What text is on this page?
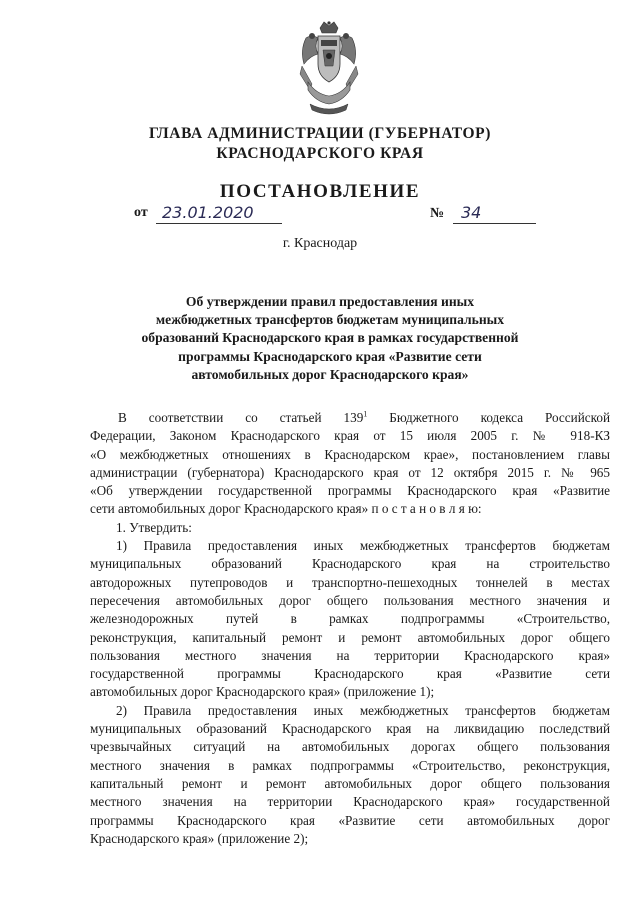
ГЛАВА АДМИНИСТРАЦИИ (ГУБЕРНАТОР)
КРАСНОДАРСКОГО КРАЯ
ПОСТАНОВЛЕНИЕ
от 23.01.2020	№	34
г. Краснодар
Об утверждении правил предоставления иных
межбюджетных трансфертов бюджетам муниципальных
образований Краснодарского края в рамках государственной
программы Краснодарского края «Развитие сети
автомобильных дорог Краснодарского края»
В соответствии со статьей $139^1$ Бюджетного кодекса Российской
Федерации, Законом Краснодарского края от 15 июля 2005 г. № 918-КЗ
«О межбюджетных отношениях в Краснодарском крае», постановлением главы
администрации (губернатора) Краснодарского края от 12 октября 2015 г. № 965
«Об утверждении государственной программы Краснодарского края «Развитие
сети автомобильных дорог Краснодарского края» п о с т а н о в л я ю:
1. Утвердить:
1) Правила предоставления иных межбюджетных трансфертов бюджетам
муниципальных образований Краснодарского края на строительство
автодорожных путепроводов и транспортно-пешеходных тоннелей в местах
пересечения автомобильных дорог общего пользования местного значения и
железнодорожных путей в рамках подпрограммы «Строительство,
реконструкция, капитальный ремонт и ремонт автомобильных дорог общего
пользования местного значения на территории Краснодарского края»
государственной программы Краснодарского края «Развитие сети
автомобильных дорог Краснодарского края» (приложение 1);
2) Правила предоставления иных межбюджетных трансфертов бюджетам
муниципальных образований Краснодарского края на ликвидацию последствий
чрезвычайных ситуаций на автомобильных дорогах общего пользования
местного значения в рамках подпрограммы «Строительство, реконструкция,
капитальный ремонт и ремонт автомобильных дорог общего пользования
местного значения на территории Краснодарского края» государственной
программы Краснодарского края «Развитие сети автомобильных дорог
Краснодарского края» (приложение 2);
